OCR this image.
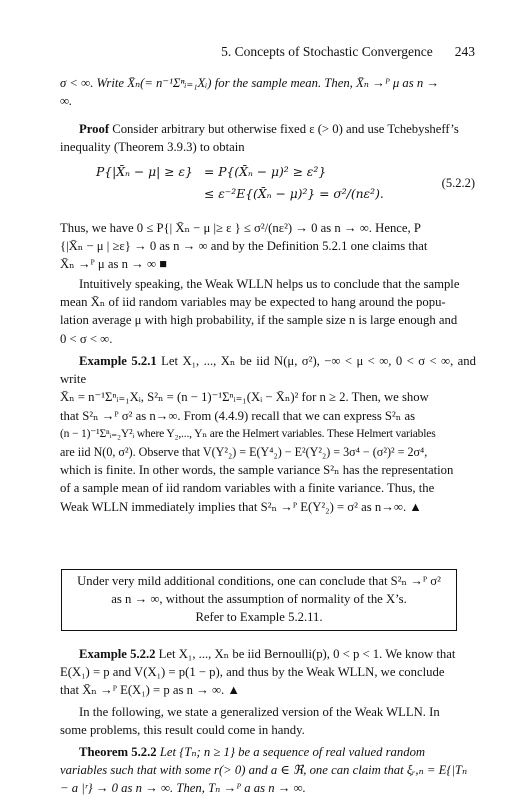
5. Concepts of Stochastic Convergence 243
σ < ∞. Write X̄ₙ(= n⁻¹Σⁿᵢ₌₁Xᵢ) for the sample mean. Then, X̄ₙ →ᴾ μ as n →
∞.
Proof Consider arbitrary but otherwise fixed ε (> 0) and use Tchebysheff’s
inequality (Theorem 3.9.3) to obtain
P{|X̄ₙ − μ| ≥ ε} = P{(X̄ₙ − μ)² ≥ ε²}
≤ ε⁻²E{(X̄ₙ − μ)²} = σ²/(nε²).
(5.2.2)
Thus, we have 0 ≤ P{| X̄ₙ − μ |≥ ε } ≤ σ²/(nε²) → 0 as n → ∞. Hence, P
{|X̄ₙ − μ | ≥ε} → 0 as n → ∞ and by the Definition 5.2.1 one claims that
X̄ₙ →ᴾ μ as n → ∞ ■
Intuitively speaking, the Weak WLLN helps us to conclude that the sample
mean X̄ₙ of iid random variables may be expected to hang around the popu-
lation average μ with high probability, if the sample size n is large enough and
0 < σ < ∞.
Example 5.2.1 Let X₁, ..., Xₙ be iid N(μ, σ²), −∞ < μ < ∞, 0 < σ < ∞, and write
X̄ₙ = n⁻¹Σⁿᵢ₌₁Xᵢ, S²ₙ = (n − 1)⁻¹Σⁿᵢ₌₁(Xᵢ − X̄ₙ)² for n ≥ 2. Then, we show
that S²ₙ →ᴾ σ² as n→∞. From (4.4.9) recall that we can express S²ₙ as
(n − 1)⁻¹Σⁿᵢ₌₂Y²ᵢ where Y₂,..., Yₙ are the Helmert variables. These Helmert variables
are iid N(0, σ²). Observe that V(Y²₂) = E(Y⁴₂) − E²(Y²₂) = 3σ⁴ − (σ²)² = 2σ⁴,
which is finite. In other words, the sample variance S²ₙ has the representation
of a sample mean of iid random variables with a finite variance. Thus, the
Weak WLLN immediately implies that S²ₙ →ᴾ E(Y²₂) = σ² as n→∞. ▲
Under very mild additional conditions, one can conclude that S²ₙ →ᴾ σ²
as n → ∞, without the assumption of normality of the X’s.
Refer to Example 5.2.11.
Example 5.2.2 Let X₁, ..., Xₙ be iid Bernoulli(p), 0 < p < 1. We know that
E(X₁) = p and V(X₁) = p(1 − p), and thus by the Weak WLLN, we conclude
that X̄ₙ →ᴾ E(X₁) = p as n → ∞. ▲
In the following, we state a generalized version of the Weak WLLN. In
some problems, this result could come in handy.
Theorem 5.2.2 Let {Tₙ; n ≥ 1} be a sequence of real valued random
variables such that with some r(> 0) and a ∈ ℜ, one can claim that ξᵣ,ₙ = E{|Tₙ
− a |ʳ} → 0 as n → ∞. Then, Tₙ →ᴾ a as n → ∞.
